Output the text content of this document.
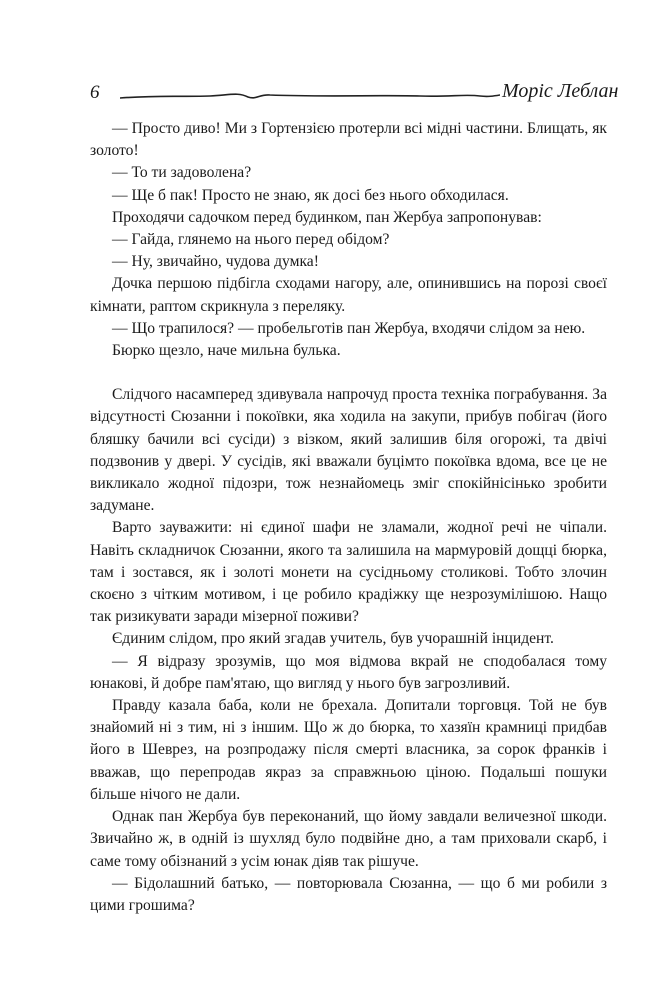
6	Моріс Леблан

— Просто диво! Ми з Гортензією протерли всі мідні частини. Блищать, як золото!

— То ти задоволена?

— Ще б пак! Просто не знаю, як досі без нього обходилася.

Проходячи садочком перед будинком, пан Жербуа запропонував:

— Гайда, глянемо на нього перед обідом?

— Ну, звичайно, чудова думка!

Дочка першою підбігла сходами нагору, але, опинившись на порозі своєї кімнати, раптом скрикнула з переляку.

— Що трапилося? — пробельготів пан Жербуа, входячи слідом за нею.

Бюрко щезло, наче мильна булька.

Слідчого насамперед здивувала напрочуд проста техніка пограбування. За відсутності Сюзанни і покоївки, яка ходила на закупи, прибув побігач (його бляшку бачили всі сусіди) з візком, який залишив біля огорожі, та двічі подзвонив у двері. У сусідів, які вважали буцімто покоївка вдома, все це не викликало жодної підозри, тож незнайомець зміг спокійнісінько зробити задумане.

Варто зауважити: ні єдиної шафи не зламали, жодної речі не чіпали. Навіть складничок Сюзанни, якого та залишила на мармуровій дощці бюрка, там і зостався, як і золоті монети на сусідньому столикові. Тобто злочин скоєно з чітким мотивом, і це робило крадіжку ще незрозумілішою. Нащо так ризикувати заради мізерної поживи?

Єдиним слідом, про який згадав учитель, був учорашній інцидент.

— Я відразу зрозумів, що моя відмова вкрай не сподобалася тому юнакові, й добре пам'ятаю, що вигляд у нього був загрозливий.

Правду казала баба, коли не брехала. Допитали торговця. Той не був знайомий ні з тим, ні з іншим. Що ж до бюрка, то хазяїн крамниці придбав його в Шеврез, на розпродажу після смерті власника, за сорок франків і вважав, що перепродав якраз за справжньою ціною. Подальші пошуки більше нічого не дали.

Однак пан Жербуа був переконаний, що йому завдали величезної шкоди. Звичайно ж, в одній із шухляд було подвійне дно, а там приховали скарб, і саме тому обізнаний з усім юнак діяв так рішуче.

— Бідолашний батько, — повторювала Сюзанна, — що б ми робили з цими грошима?
